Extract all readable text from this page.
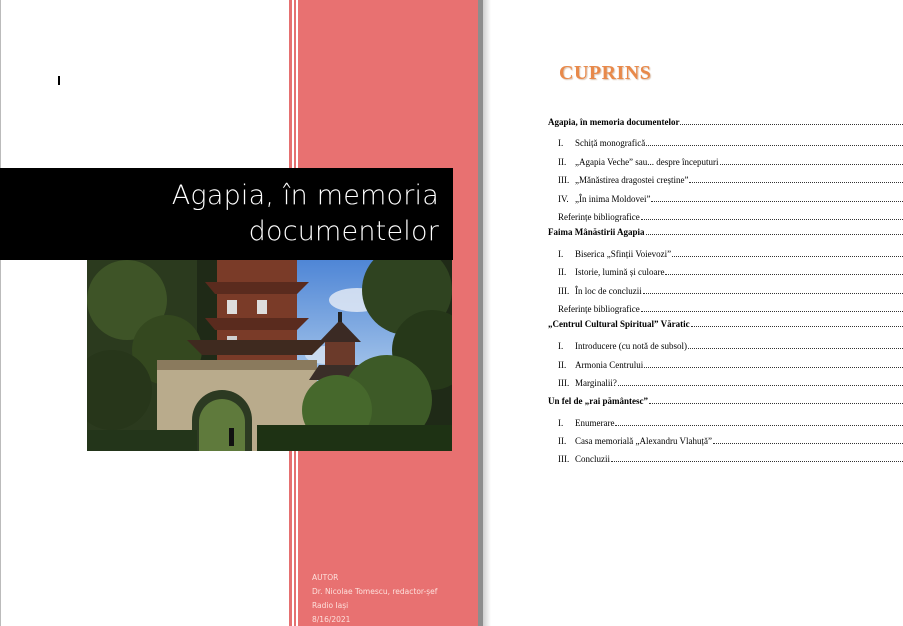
Agapia, în memoria
documentelor
AUTOR
Dr. Nicolae Tomescu, redactor-șef
Radio Iași
8/16/2021
CUPRINS
Agapia, în memoria documentelor
I. Schiță monografică
II. „Agapia Veche” sau... despre începuturi
III. „Mănăstirea dragostei creștine”
IV. „În inima Moldovei”
Referințe bibliografice
Faima Mânăstirii Agapia
I. Biserica „Sfinții Voievozi”
II. Istorie, lumină și culoare
III. În loc de concluzii
Referințe bibliografice
„Centrul Cultural Spiritual” Văratic
I. Introducere (cu notă de subsol)
II. Armonia Centrului
III. Marginalii?
Un fel de „rai pământesc”
I. Enumerare
II. Casa memorială „Alexandru Vlahuță”
III. Concluzii
